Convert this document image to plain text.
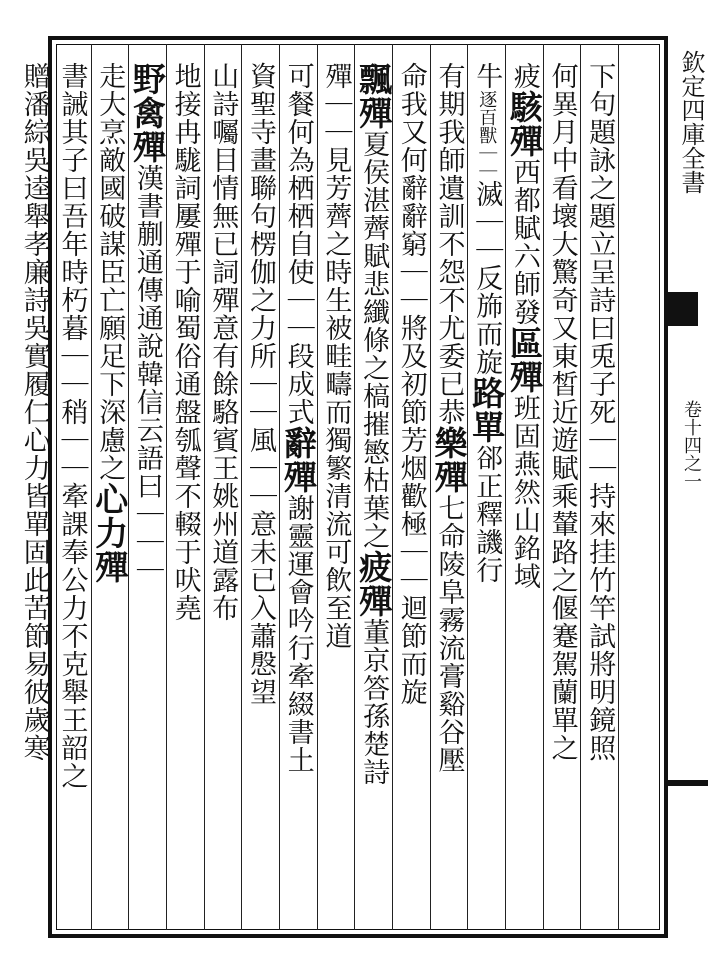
欽定四庫全書
卷十四之一
下句題詠之題立呈詩曰兎子死｜｜持來挂竹竿試將明鏡照
何異月中看壞大驚奇又東皙近遊賦乘輦路之偃蹇駕蘭單之
疲駭殫西都賦六師發區殫班固燕然山銘域
牛逐百獸｜｜滅｜｜反斾而旋路單郤正釋譏行
有期我師遺訓不怨不尤委已恭樂殫七命陵阜霧流膏谿谷壓
命我又何辭辭窮｜｜將及初節芳烟歡極｜｜迴節而旋
飄殫夏侯湛薺賦悲纖條之槁摧慜枯葉之疲殫董京答孫楚詩
殫｜｜見芳薺之時生被畦疇而獨繁清流可飲至道
可餐何為栖栖自使｜｜段成式辭殫謝靈運會吟行牽綴書土
資聖寺畫聯句楞伽之力所｜｜風｜｜意未已入蕭慇望
山詩囑目情無已詞殫意有餘駱賓王姚州道露布
地接冉駹詞屢殫于喻蜀俗通盤瓠聲不輟于吠堯
野禽殫漢書蒯通傳通說韓信云語曰｜｜｜
走大烹敵國破謀臣亡願足下深慮之心力殫
書誡其子曰吾年時朽暮｜｜稍｜｜牽課奉公力不克舉王韶之
贈潘綜吳逵舉孝廉詩吳實履仁心力皆單固此苦節易彼歲寒
